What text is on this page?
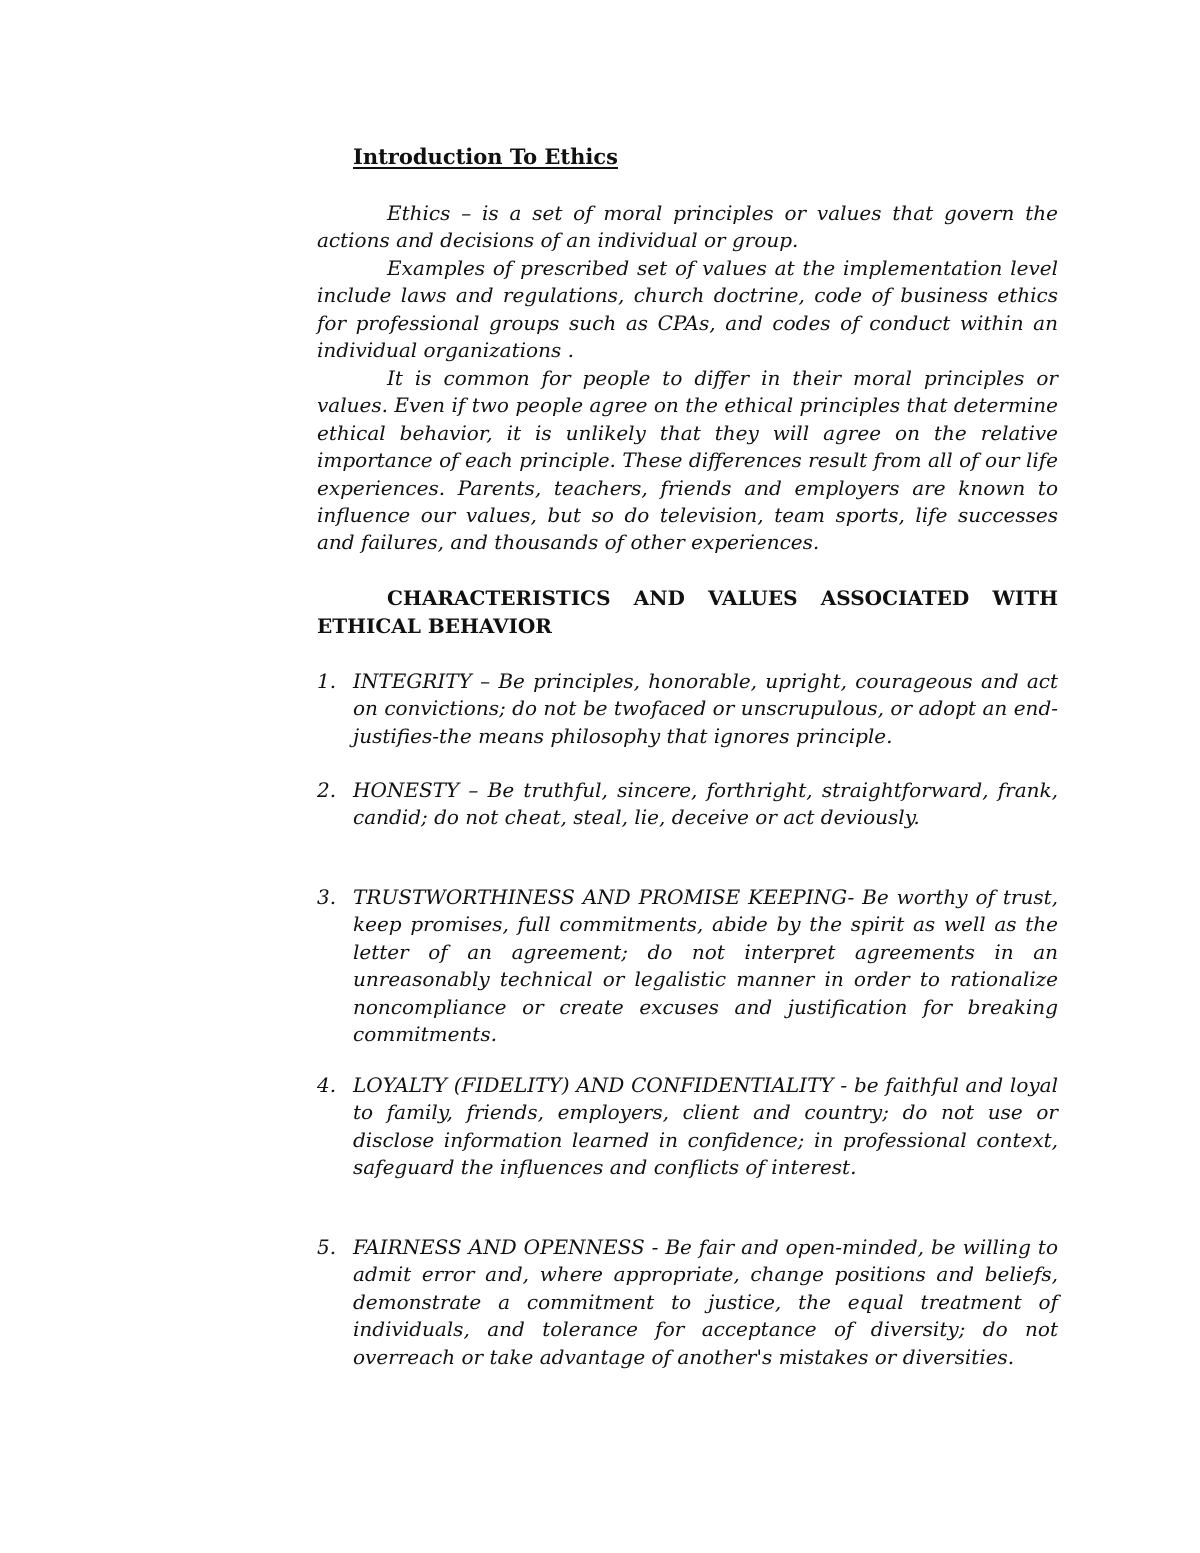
Introduction To Ethics

Ethics – is a set of moral principles or values that govern the actions and decisions of an individual or group.

Examples of prescribed set of values at the implementation level include laws and regulations, church doctrine, code of business ethics for professional groups such as CPAs, and codes of conduct within an individual organizations .

It is common for people to differ in their moral principles or values. Even if two people agree on the ethical principles that determine ethical behavior, it is unlikely that they will agree on the relative importance of each principle. These differences result from all of our life experiences. Parents, teachers, friends and employers are known to influence our values, but so do television, team sports, life successes and failures, and thousands of other experiences.

CHARACTERISTICS AND VALUES ASSOCIATED WITH ETHICAL BEHAVIOR

1. INTEGRITY – Be principles, honorable, upright, courageous and act on convictions; do not be twofaced or unscrupulous, or adopt an end-justifies-the means philosophy that ignores principle.
2. HONESTY – Be truthful, sincere, forthright, straightforward, frank, candid; do not cheat, steal, lie, deceive or act deviously.
3. TRUSTWORTHINESS AND PROMISE KEEPING- Be worthy of trust, keep promises, full commitments, abide by the spirit as well as the letter of an agreement; do not interpret agreements in an unreasonably technical or legalistic manner in order to rationalize noncompliance or create excuses and justification for breaking commitments.
4. LOYALTY (FIDELITY) AND CONFIDENTIALITY - be faithful and loyal to family, friends, employers, client and country; do not use or disclose information learned in confidence; in professional context, safeguard the influences and conflicts of interest.
5. FAIRNESS AND OPENNESS - Be fair and open-minded, be willing to admit error and, where appropriate, change positions and beliefs, demonstrate a commitment to justice, the equal treatment of individuals, and tolerance for acceptance of diversity; do not overreach or take advantage of another's mistakes or diversities.
